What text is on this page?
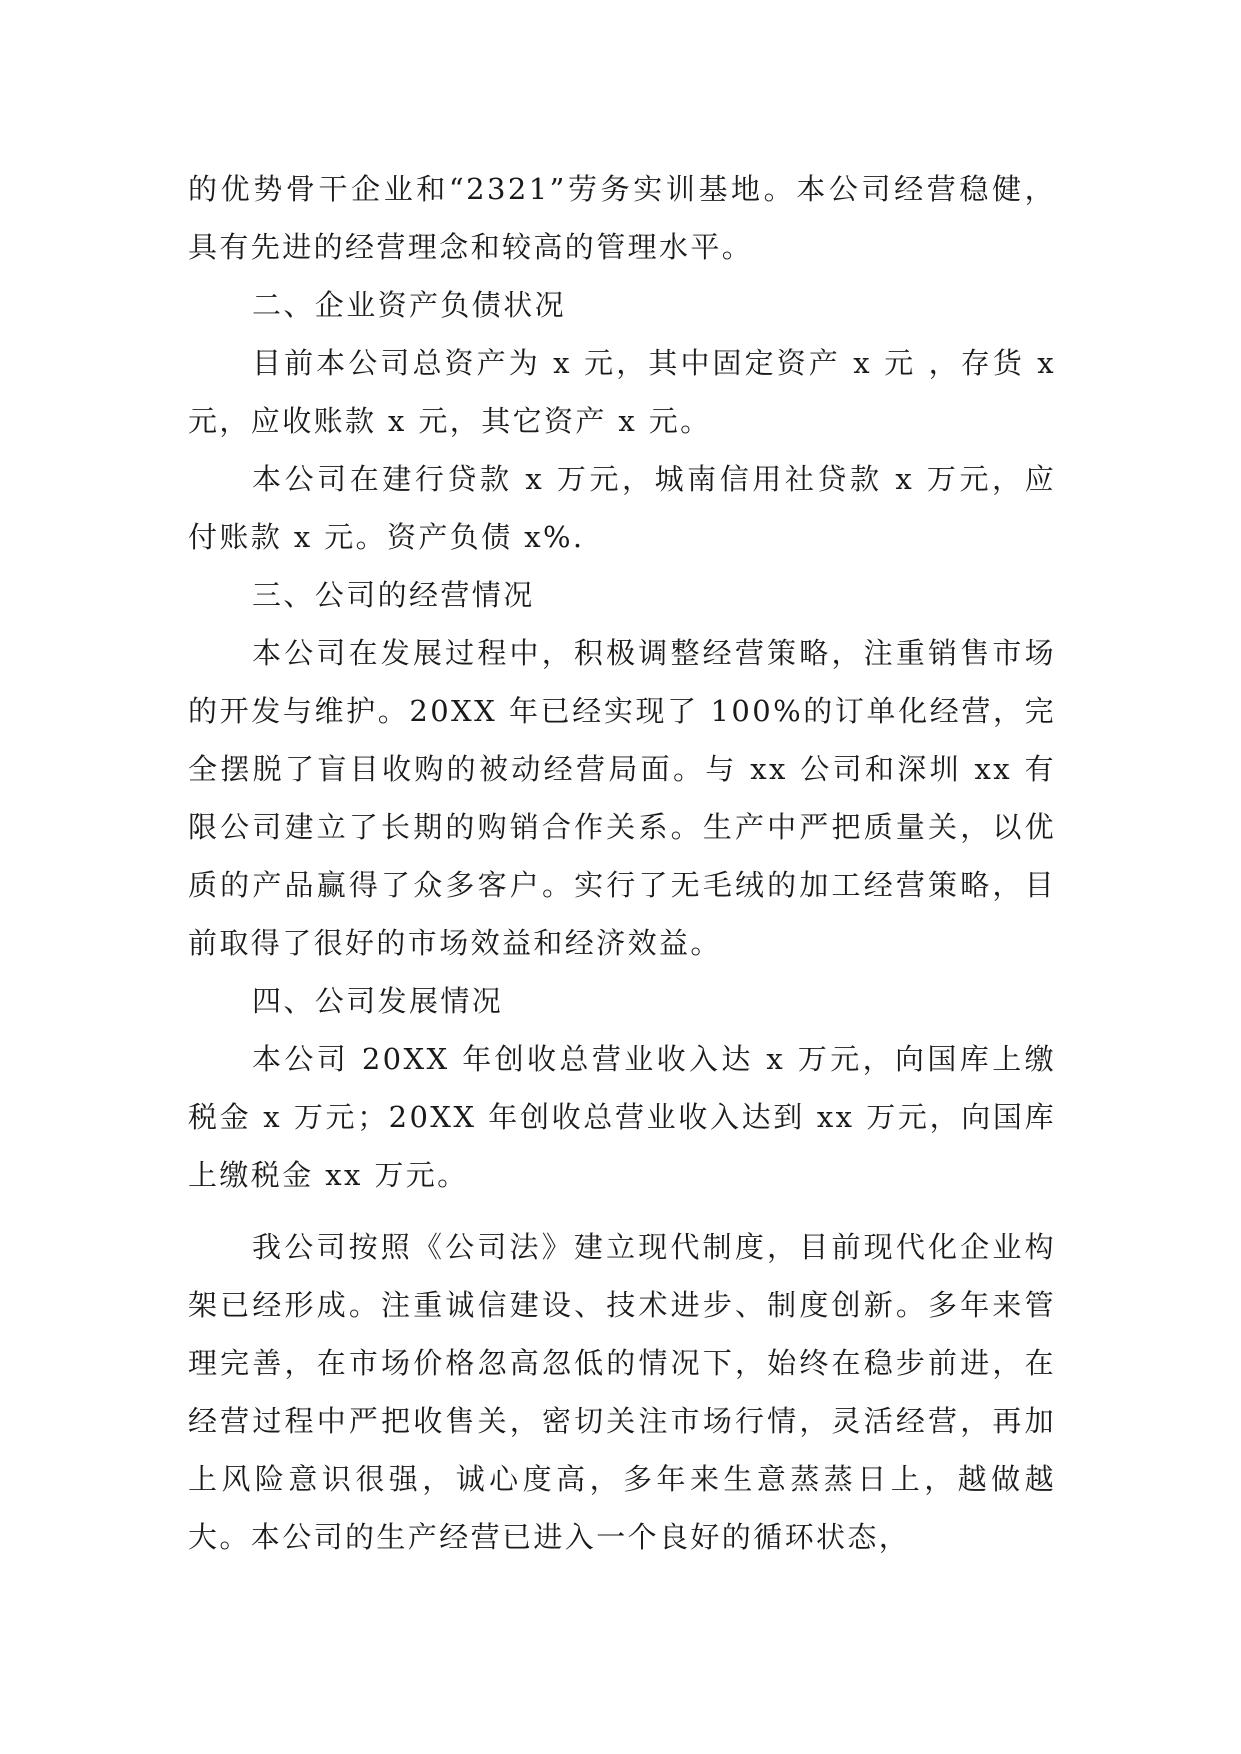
的优势骨干企业和“2321”劳务实训基地。本公司经营稳健，具有先进的经营理念和较高的管理水平。

二、企业资产负债状况

目前本公司总资产为 x 元，其中固定资产 x 元 ，存货 x 元，应收账款 x 元，其它资产 x 元。

本公司在建行贷款 x 万元，城南信用社贷款 x 万元，应付账款 x 元。资产负债 x%.

三、公司的经营情况

本公司在发展过程中，积极调整经营策略，注重销售市场的开发与维护。20XX 年已经实现了 100%的订单化经营，完全摆脱了盲目收购的被动经营局面。与 xx 公司和深圳 xx 有限公司建立了长期的购销合作关系。生产中严把质量关，以优质的产品赢得了众多客户。实行了无毛绒的加工经营策略，目前取得了很好的市场效益和经济效益。

四、公司发展情况

本公司 20XX 年创收总营业收入达 x 万元，向国库上缴税金 x 万元；20XX 年创收总营业收入达到 xx 万元，向国库上缴税金 xx 万元。

我公司按照《公司法》建立现代制度，目前现代化企业构架已经形成。注重诚信建设、技术进步、制度创新。多年来管理完善，在市场价格忽高忽低的情况下，始终在稳步前进，在经营过程中严把收售关，密切关注市场行情，灵活经营，再加上风险意识很强，诚心度高，多年来生意蒸蒸日上，越做越大。本公司的生产经营已进入一个良好的循环状态，
